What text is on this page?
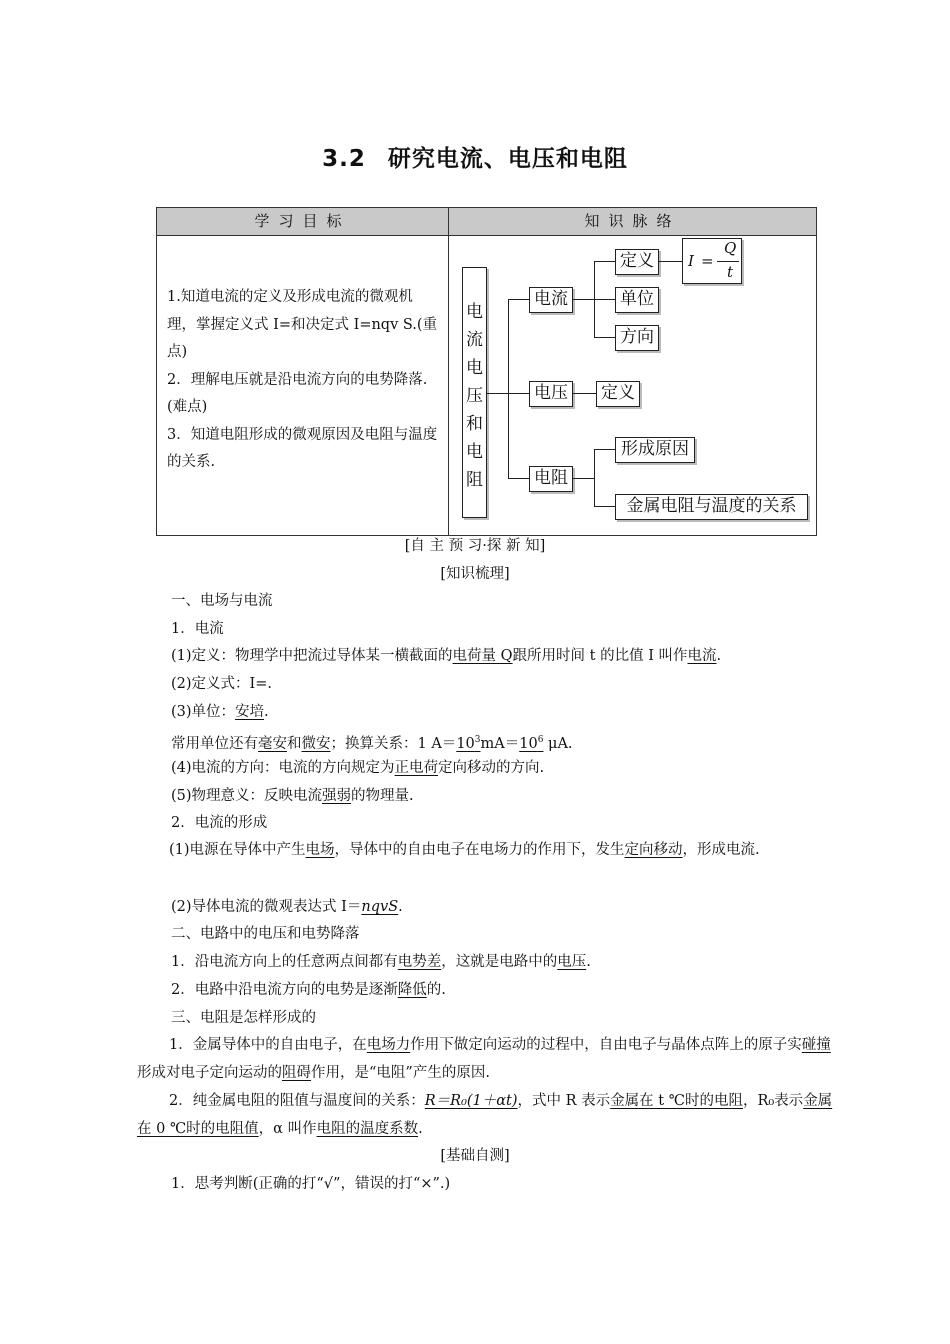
3.2 研究电流、电压和电阻
学习目标	知识脉络

1.知道电流的定义及形成电流的微观机理，掌握定义式 I=和决定式 I=nqv S.(重点)

2．理解电压就是沿电流方向的电势降落.(难点)

3．知道电阻形成的微观原因及电阻与温度的关系.

电流电压和电阻
电流
电压
电阻
定义
单位
方向
I =
Q
t
定义
形成原因
金属电阻与温度的关系
[自 主 预 习·探 新 知]
[知识梳理]
一、电场与电流
1．电流
(1)定义：物理学中把流过导体某一横截面的电荷量 Q跟所用时间 t 的比值 I 叫作电流.
(2)定义式：I=.
(3)单位：安培.
常用单位还有毫安和微安；换算关系：1 $A=10^3mA=10^6$ μA.
(4)电流的方向：电流的方向规定为正电荷定向移动的方向.
(5)物理意义：反映电流强弱的物理量.
2．电流的形成

(1)电源在导体中产生电场，导体中的自由电子在电场力的作用下，发生定向移动，形成电流.

(2)导体电流的微观表达式 I＝nqvS.
二、电路中的电压和电势降落
1．沿电流方向上的任意两点间都有电势差，这就是电路中的电压.
2．电路中沿电流方向的电势是逐渐降低的.
三、电阻是怎样形成的

1．金属导体中的自由电子，在电场力作用下做定向运动的过程中，自由电子与晶体点阵上的原子实碰撞形成对电子定向运动的阻碍作用，是“电阻”产生的原因.

2．纯金属电阻的阻值与温度间的关系：R＝R₀(1＋αt)，式中 R 表示金属在 t ℃时的电阻，R₀表示金属在 0 ℃时的电阻值，α 叫作电阻的温度系数.

[基础自测]
1．思考判断(正确的打“√”，错误的打“×”.)
